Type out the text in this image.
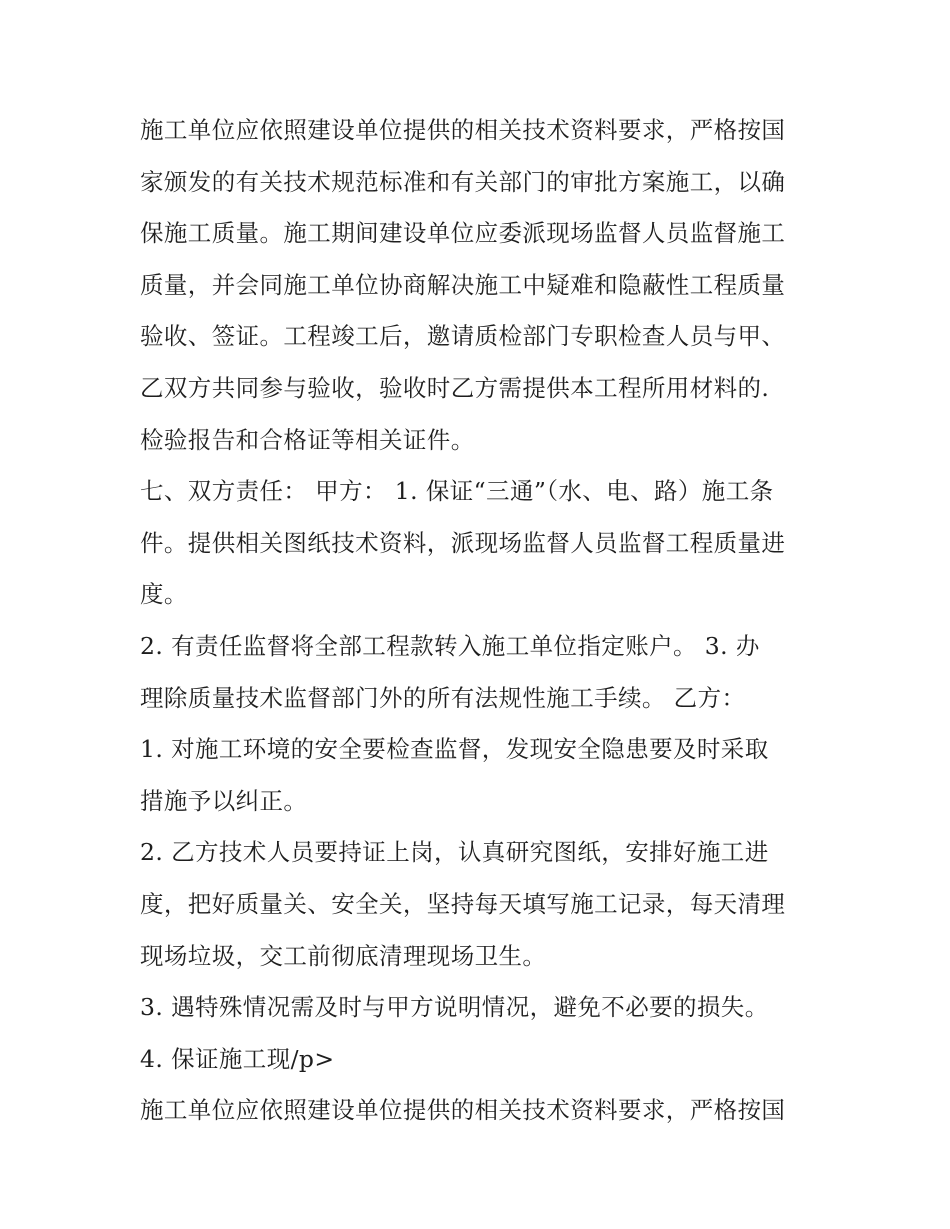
施工单位应依照建设单位提供的相关技术资料要求，严格按国
家颁发的有关技术规范标准和有关部门的审批方案施工，以确
保施工质量。施工期间建设单位应委派现场监督人员监督施工
质量，并会同施工单位协商解决施工中疑难和隐蔽性工程质量
验收、签证。工程竣工后，邀请质检部门专职检查人员与甲、
乙双方共同参与验收，验收时乙方需提供本工程所用材料的.
检验报告和合格证等相关证件。
七、双方责任： 甲方： 1. 保证“三通”（水、电、路）施工条
件。提供相关图纸技术资料，派现场监督人员监督工程质量进
度。
2. 有责任监督将全部工程款转入施工单位指定账户。 3. 办
理除质量技术监督部门外的所有法规性施工手续。 乙方：
1. 对施工环境的安全要检查监督，发现安全隐患要及时采取
措施予以纠正。
2. 乙方技术人员要持证上岗，认真研究图纸，安排好施工进
度，把好质量关、安全关，坚持每天填写施工记录，每天清理
现场垃圾，交工前彻底清理现场卫生。
3. 遇特殊情况需及时与甲方说明情况，避免不必要的损失。
4. 保证施工现/p>
施工单位应依照建设单位提供的相关技术资料要求，严格按国
